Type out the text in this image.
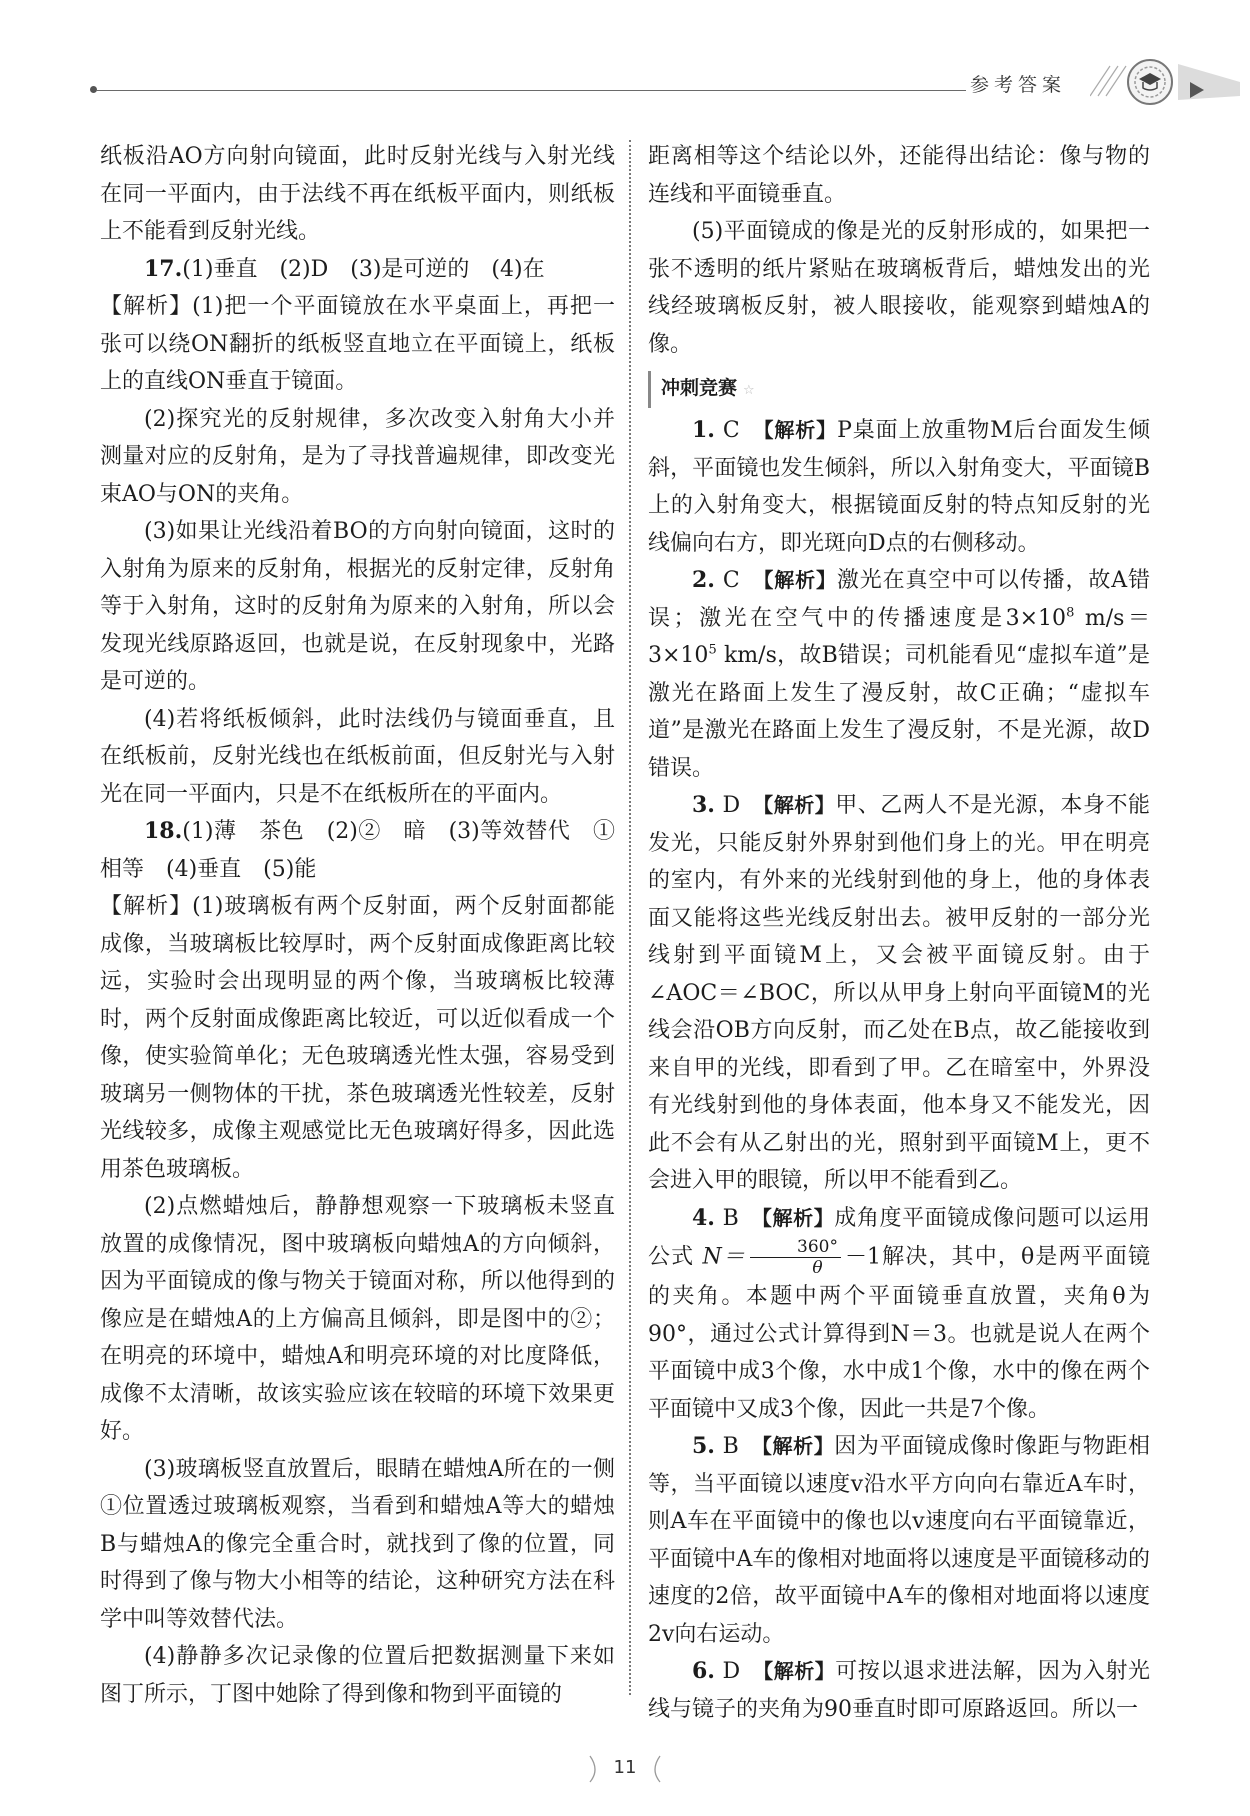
参考答案

纸板沿AO方向射向镜面，此时反射光线与入射光线在同一平面内，由于法线不再在纸板平面内，则纸板上不能看到反射光线。

17.(1)垂直　(2)D　(3)是可逆的　(4)在

【解析】(1)把一个平面镜放在水平桌面上，再把一张可以绕ON翻折的纸板竖直地立在平面镜上，纸板上的直线ON垂直于镜面。

(2)探究光的反射规律，多次改变入射角大小并测量对应的反射角，是为了寻找普遍规律，即改变光束AO与ON的夹角。

(3)如果让光线沿着BO的方向射向镜面，这时的入射角为原来的反射角，根据光的反射定律，反射角等于入射角，这时的反射角为原来的入射角，所以会发现光线原路返回，也就是说，在反射现象中，光路是可逆的。

(4)若将纸板倾斜，此时法线仍与镜面垂直，且在纸板前，反射光线也在纸板前面，但反射光与入射光在同一平面内，只是不在纸板所在的平面内。

18.(1)薄　茶色　(2)②　暗　(3)等效替代　①　相等　(4)垂直　(5)能

【解析】(1)玻璃板有两个反射面，两个反射面都能成像，当玻璃板比较厚时，两个反射面成像距离比较远，实验时会出现明显的两个像，当玻璃板比较薄时，两个反射面成像距离比较近，可以近似看成一个像，使实验简单化；无色玻璃透光性太强，容易受到玻璃另一侧物体的干扰，茶色玻璃透光性较差，反射光线较多，成像主观感觉比无色玻璃好得多，因此选用茶色玻璃板。

(2)点燃蜡烛后，静静想观察一下玻璃板未竖直放置的成像情况，图中玻璃板向蜡烛A的方向倾斜，因为平面镜成的像与物关于镜面对称，所以他得到的像应是在蜡烛A的上方偏高且倾斜，即是图中的②；在明亮的环境中，蜡烛A和明亮环境的对比度降低，成像不太清晰，故该实验应该在较暗的环境下效果更好。

(3)玻璃板竖直放置后，眼睛在蜡烛A所在的一侧①位置透过玻璃板观察，当看到和蜡烛A等大的蜡烛B与蜡烛A的像完全重合时，就找到了像的位置，同时得到了像与物大小相等的结论，这种研究方法在科学中叫等效替代法。

(4)静静多次记录像的位置后把数据测量下来如图丁所示，丁图中她除了得到像和物到平面镜的

距离相等这个结论以外，还能得出结论：像与物的连线和平面镜垂直。

(5)平面镜成的像是光的反射形成的，如果把一张不透明的纸片紧贴在玻璃板背后，蜡烛发出的光线经玻璃板反射，被人眼接收，能观察到蜡烛A的像。

冲刺竞赛 ☆

1. C　 【解析】P桌面上放重物M后台面发生倾斜，平面镜也发生倾斜，所以入射角变大，平面镜B上的入射角变大，根据镜面反射的特点知反射的光线偏向右方，即光斑向D点的右侧移动。

2. C　 【解析】激光在真空中可以传播，故A错误；激光在空气中的传播速度是$3\times 10^8$ $m/s=3\times 10^5$ km/s，故B错误；司机能看见“虚拟车道”是激光在路面上发生了漫反射，故C正确；“虚拟车道”是激光在路面上发生了漫反射，不是光源，故D错误。

3. D　 【解析】甲、乙两人不是光源，本身不能发光，只能反射外界射到他们身上的光。甲在明亮的室内，有外来的光线射到他的身上，他的身体表面又能将这些光线反射出去。被甲反射的一部分光线射到平面镜M上，又会被平面镜反射。由于∠AOC＝∠BOC，所以从甲身上射向平面镜M的光线会沿OB方向反射，而乙处在B点，故乙能接收到来自甲的光线，即看到了甲。乙在暗室中，外界没有光线射到他的身体表面，他本身又不能发光，因此不会有从乙射出的光，照射到平面镜M上，更不会进入甲的眼镜，所以甲不能看到乙。

4. B　 【解析】成角度平面镜成像问题可以运用公式 $N= \frac{360^\circ}{\theta} -1$解决，其中，θ是两平面镜的夹角。本题中两个平面镜垂直放置，夹角θ为90°，通过公式计算得到N＝3。也就是说人在两个平面镜中成3个像，水中成1个像，水中的像在两个平面镜中又成3个像，因此一共是7个像。

5. B　 【解析】因为平面镜成像时像距与物距相等，当平面镜以速度v沿水平方向向右靠近A车时，则A车在平面镜中的像也以v速度向右平面镜靠近，平面镜中A车的像相对地面将以速度是平面镜移动的速度的2倍，故平面镜中A车的像相对地面将以速度2v向右运动。

6. D　 【解析】可按以退求进法解，因为入射光线与镜子的夹角为90垂直时即可原路返回。所以一

11
